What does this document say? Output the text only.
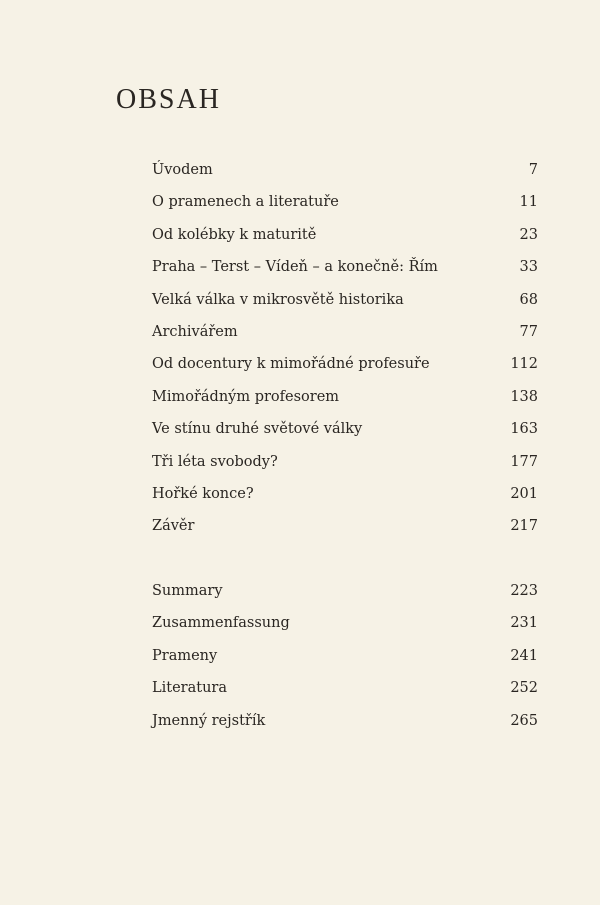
OBSAH
Úvodem	7
O pramenech a literatuře	11
Od kolébky k maturitě	23
Praha – Terst – Vídeň – a konečně: Řím	33
Velká válka v mikrosvětě historika	68
Archivářem	77
Od docentury k mimořádné profesuře	112
Mimořádným profesorem	138
Ve stínu druhé světové války	163
Tři léta svobody?	177
Hořké konce?	201
Závěr	217
Summary	223
Zusammenfassung	231
Prameny	241
Literatura	252
Jmenný rejstřík	265
